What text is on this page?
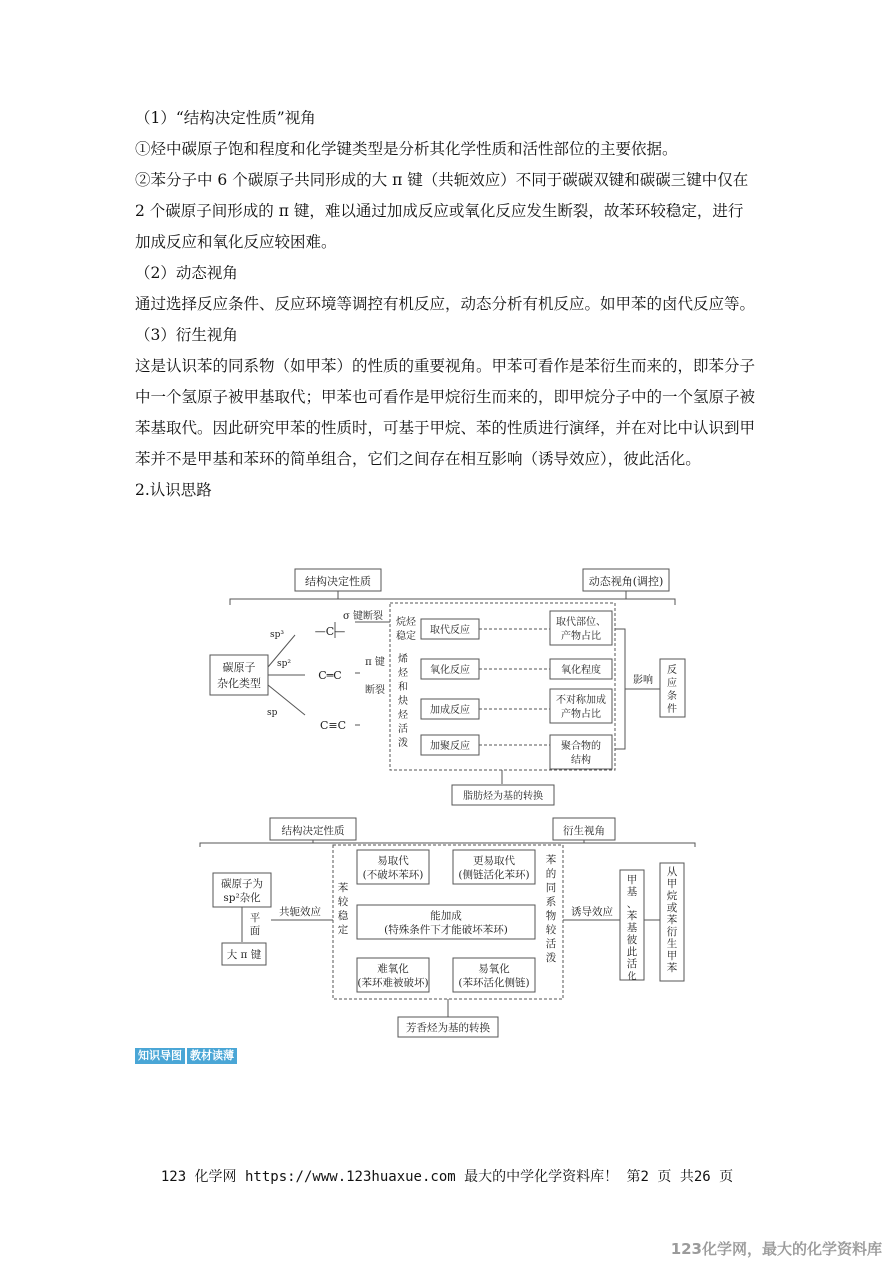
（1）“结构决定性质”视角

①烃中碳原子饱和程度和化学键类型是分析其化学性质和活性部位的主要依据。

②苯分子中 6 个碳原子共同形成的大 π 键（共轭效应）不同于碳碳双键和碳碳三键中仅在 2 个碳原子间形成的 π 键，难以通过加成反应或氧化反应发生断裂，故苯环较稳定，进行加成反应和氧化反应较困难。

（2）动态视角

通过选择反应条件、反应环境等调控有机反应，动态分析有机反应。如甲苯的卤代反应等。

（3）衍生视角

这是认识苯的同系物（如甲苯）的性质的重要视角。甲苯可看作是苯衍生而来的，即苯分子中一个氢原子被甲基取代；甲苯也可看作是甲烷衍生而来的，即甲烷分子中的一个氢原子被苯基取代。因此研究甲苯的性质时，可基于甲烷、苯的性质进行演绎，并在对比中认识到甲苯并不是甲基和苯环的简单组合，它们之间存在相互影响（诱导效应），彼此活化。

2.认识思路

结构决定性质	动态视角(调控)
碳原子
杂化类型
sp³
sp²
sp
—C—
C═C
C≡C
σ 键断裂
π 键
断裂
烷烃
稳定
烯
烃
和
炔
烃
活
泼
取代反应
氧化反应
加成反应
加聚反应
取代部位、
产物占比
氧化程度
不对称加成
产物占比
聚合物的
结构
影响
反
应
条
件
脂肪烃为基的转换
结构决定性质	衍生视角
碳原子为
sp²杂化
平
面
大 π 键
共轭效应
苯
较
稳
定
易取代
(不破坏苯环)
更易取代
(侧链活化苯环)
能加成
(特殊条件下才能破坏苯环)
难氧化
(苯环难被破坏)
易氧化
(苯环活化侧链)
苯
的
同
系
物
较
活
泼
诱导效应
甲
基
、
苯
基
彼
此
活
化
从
甲
烷
或
苯
衍
生
甲
苯
芳香烃为基的转换
知识导图 教材读薄
123 化学网 https://www.123huaxue.com 最大的中学化学资料库！ 第2 页 共26 页
123化学网，最大的化学资料库
